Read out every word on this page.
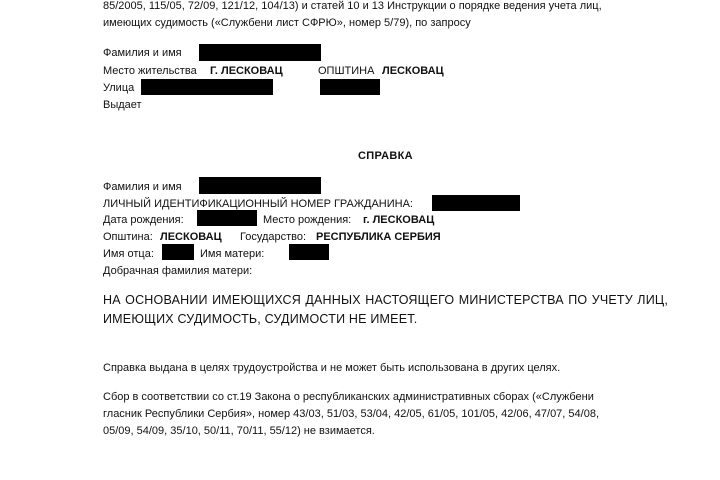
85/2005, 115/05, 72/09, 121/12, 104/13) и статей 10 и 13 Инструкции о порядке ведения учета лиц,
имеющих судимость («Службени лист СФРЮ», номер 5/79), по запросу
Фамилия и имя
Место жительства Г. ЛЕСКОВАЦ	ОПШТИНА ЛЕСКОВАЦ
Улица
Выдает
СПРАВКА
Фамилия и имя
ЛИЧНЫЙ ИДЕНТИФИКАЦИОННЫЙ НОМЕР ГРАЖДАНИНА:
Дата рождения:	Место рождения: г. ЛЕСКОВАЦ
Општина: ЛЕСКОВАЦ Государство: РЕСПУБЛИКА СЕРБИЯ
Имя отца:	Имя матери:
Добрачная фамилия матери:
НА ОСНОВАНИИ ИМЕЮЩИХСЯ ДАННЫХ НАСТОЯЩЕГО МИНИСТЕРСТВА ПО УЧЕТУ ЛИЦ, ИМЕЮЩИХ СУДИМОСТЬ, СУДИМОСТИ НЕ ИМЕЕТ.
Справка выдана в целях трудоустройства и не может быть использована в других целях.
Сбор в соответствии со ст.19 Закона о республиканских административных сборах («Службени
гласник Республики Сербия», номер 43/03, 51/03, 53/04, 42/05, 61/05, 101/05, 42/06, 47/07, 54/08,
05/09, 54/09, 35/10, 50/11, 70/11, 55/12) не взимается.
